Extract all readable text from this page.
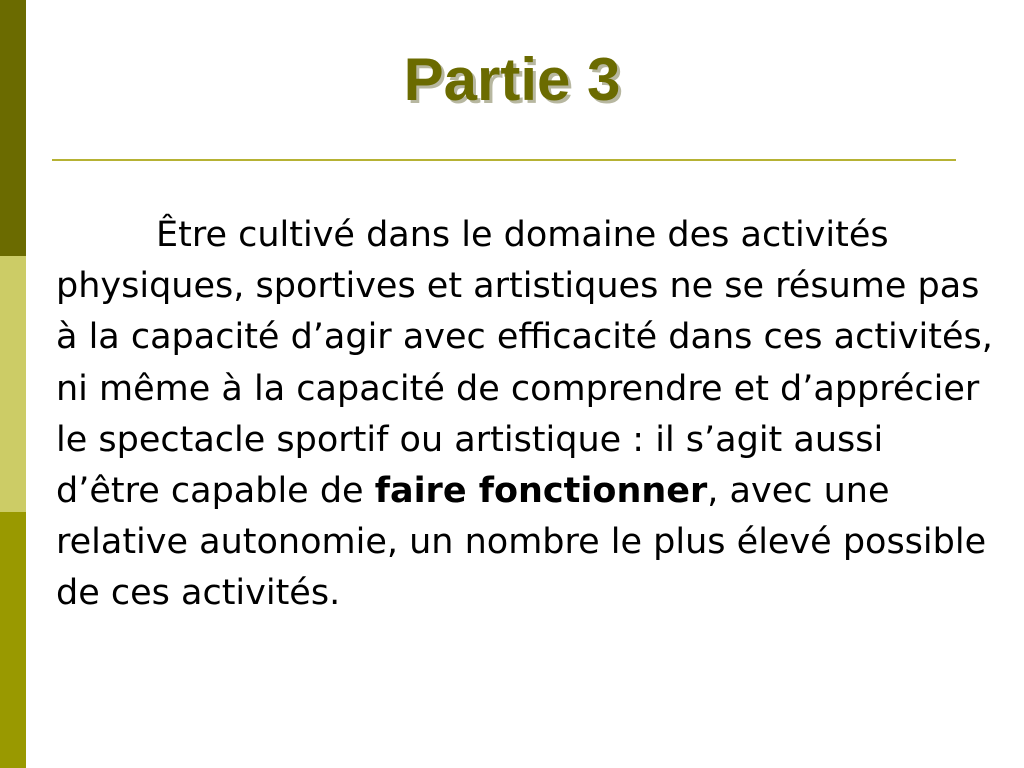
Partie 3

Être cultivé dans le domaine des activités physiques, sportives et artistiques ne se résume pas à la capacité d’agir avec efficacité dans ces activités, ni même à la capacité de comprendre et d’apprécier le spectacle sportif ou artistique : il s’agit aussi d’être capable de faire fonctionner, avec une relative autonomie, un nombre le plus élevé possible de ces activités.
